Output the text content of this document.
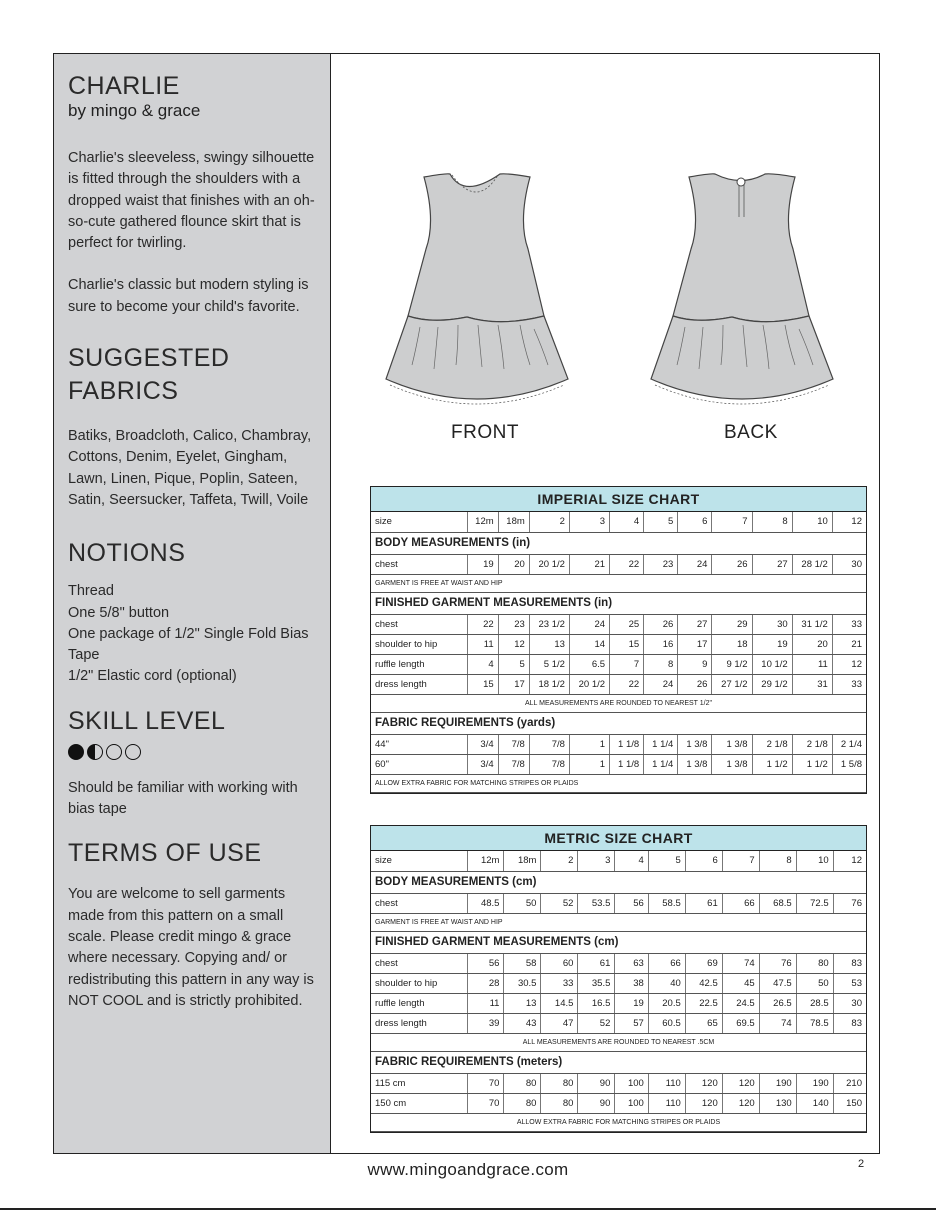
CHARLIE
by mingo & grace
Charlie's sleeveless, swingy silhouette is fitted through the shoulders with a dropped waist that finishes with an oh-so-cute gathered flounce skirt that is perfect for twirling.
Charlie's classic but modern styling is sure to become your child's favorite.
SUGGESTED FABRICS
Batiks, Broadcloth, Calico, Chambray, Cottons, Denim, Eyelet, Gingham, Lawn, Linen, Pique, Poplin, Sateen, Satin, Seersucker, Taffeta, Twill, Voile
NOTIONS
Thread
One 5/8" button
One package of 1/2" Single Fold Bias Tape
1/2" Elastic cord (optional)
SKILL LEVEL
Should be familiar with working with bias tape
TERMS OF USE
You are welcome to sell garments made from this pattern on a small scale. Please credit mingo & grace where necessary. Copying and/ or redistributing this pattern in any way is NOT COOL and is strictly prohibited.
FRONT	BACK
IMPERIAL SIZE CHART
size	12m	18m	2	3	4	5	6	7	8	10	12
BODY MEASUREMENTS (in)											
chest	19	20	20 1/2	21	22	23	24	26	27	28 1/2	30
GARMENT IS FREE AT WAIST AND HIP											
FINISHED GARMENT MEASUREMENTS (in)											
chest	22	23	23 1/2	24	25	26	27	29	30	31 1/2	33
shoulder to hip	11	12	13	14	15	16	17	18	19	20	21
ruffle length	4	5	5 1/2	6.5	7	8	9	9 1/2	10 1/2	11	12
dress length	15	17	18 1/2	20 1/2	22	24	26	27 1/2	29 1/2	31	33
ALL MEASUREMENTS ARE ROUNDED TO NEAREST 1/2"											
FABRIC REQUIREMENTS (yards)											
44"	3/4	7/8	7/8	1	1 1/8	1 1/4	1 3/8	1 3/8	2 1/8	2 1/8	2 1/4
60"	3/4	7/8	7/8	1	1 1/8	1 1/4	1 3/8	1 3/8	1 1/2	1 1/2	1 5/8
ALLOW EXTRA FABRIC FOR MATCHING STRIPES OR PLAIDS											
METRIC SIZE CHART
size	12m	18m	2	3	4	5	6	7	8	10	12
BODY MEASUREMENTS (cm)											
chest	48.5	50	52	53.5	56	58.5	61	66	68.5	72.5	76
GARMENT IS FREE AT WAIST AND HIP											
FINISHED GARMENT MEASUREMENTS (cm)											
chest	56	58	60	61	63	66	69	74	76	80	83
shoulder to hip	28	30.5	33	35.5	38	40	42.5	45	47.5	50	53
ruffle length	11	13	14.5	16.5	19	20.5	22.5	24.5	26.5	28.5	30
dress length	39	43	47	52	57	60.5	65	69.5	74	78.5	83
ALL MEASUREMENTS ARE ROUNDED TO NEAREST .5CM											
FABRIC REQUIREMENTS (meters)											
115 cm	70	80	80	90	100	110	120	120	190	190	210
150 cm	70	80	80	90	100	110	120	120	130	140	150
ALLOW EXTRA FABRIC FOR MATCHING STRIPES OR PLAIDS											
www.mingoandgrace.com	2
